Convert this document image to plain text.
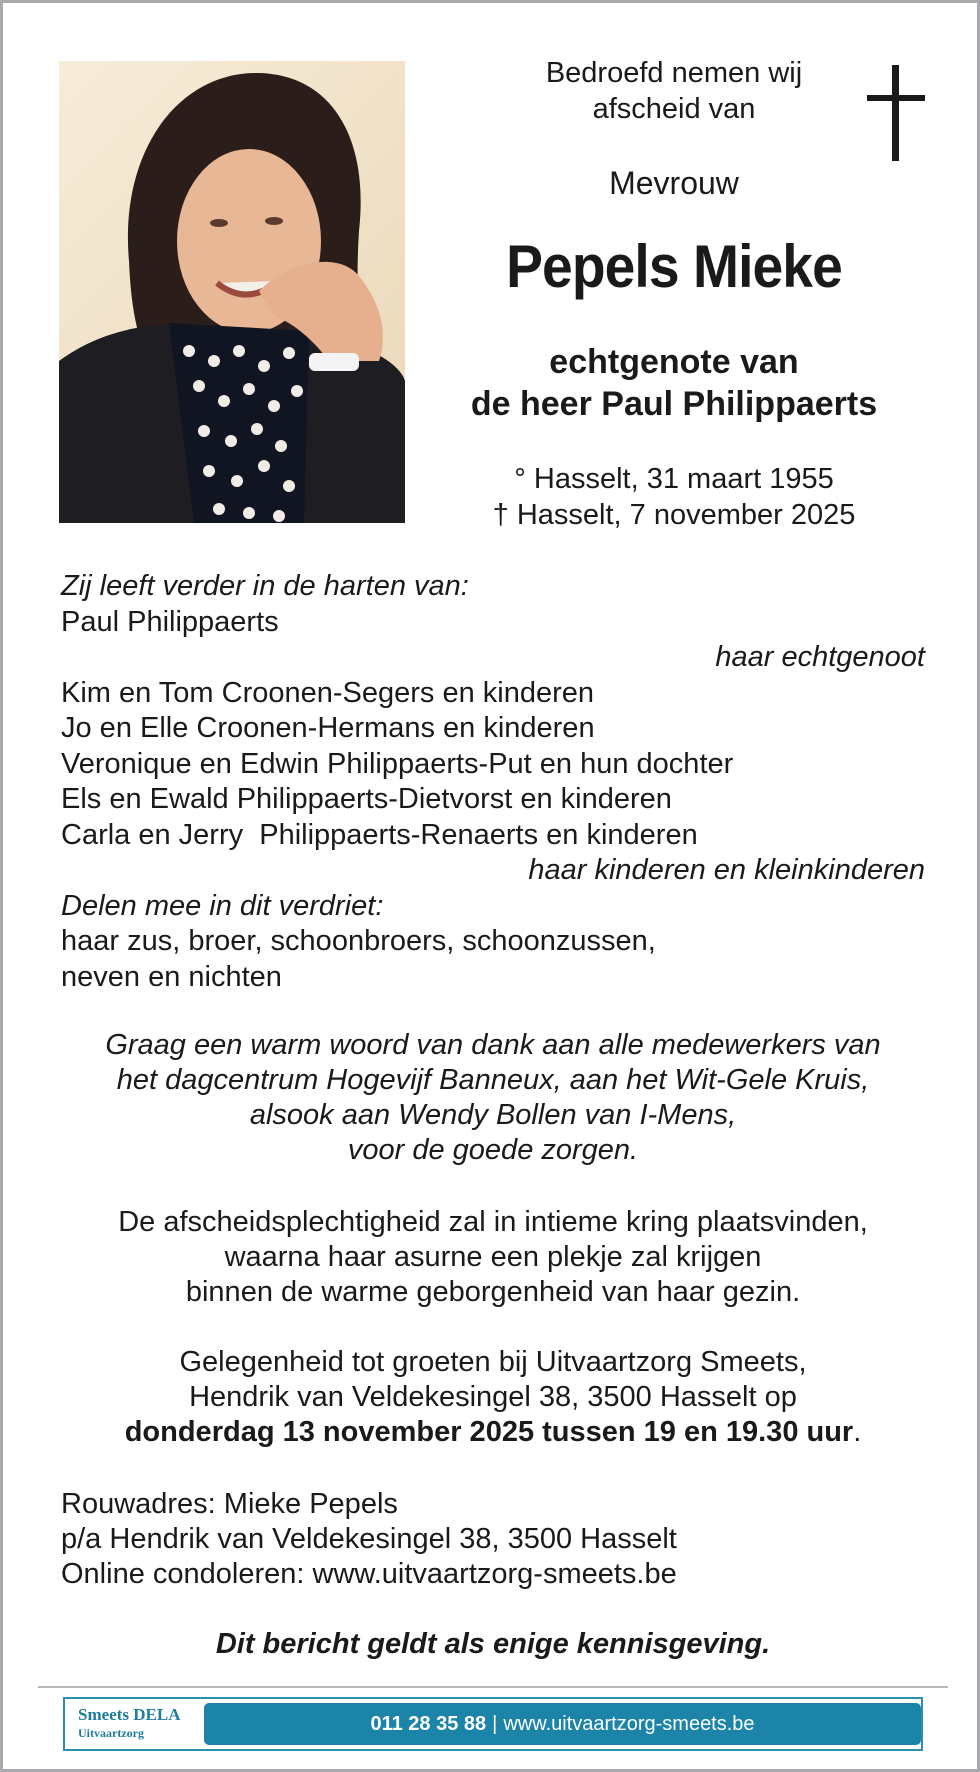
Bedroefd nemen wij
afscheid van
Mevrouw
Pepels Mieke
echtgenote van
de heer Paul Philippaerts
° Hasselt, 31 maart 1955
† Hasselt, 7 november 2025
Zij leeft verder in de harten van:
Paul Philippaerts
haar echtgenoot
Kim en Tom Croonen-Segers en kinderen
Jo en Elle Croonen-Hermans en kinderen
Veronique en Edwin Philippaerts-Put en hun dochter
Els en Ewald Philippaerts-Dietvorst en kinderen
Carla en Jerry  Philippaerts-Renaerts en kinderen
haar kinderen en kleinkinderen
Delen mee in dit verdriet:
haar zus, broer, schoonbroers, schoonzussen,
neven en nichten
Graag een warm woord van dank aan alle medewerkers van
het dagcentrum Hogevijf Banneux, aan het Wit-Gele Kruis,
alsook aan Wendy Bollen van I-Mens,
voor de goede zorgen.
De afscheidsplechtigheid zal in intieme kring plaatsvinden,
waarna haar asurne een plekje zal krijgen
binnen de warme geborgenheid van haar gezin.
Gelegenheid tot groeten bij Uitvaartzorg Smeets,
Hendrik van Veldekesingel 38, 3500 Hasselt op
donderdag 13 november 2025 tussen 19 en 19.30 uur.
Rouwadres: Mieke Pepels
p/a Hendrik van Veldekesingel 38, 3500 Hasselt
Online condoleren: www.uitvaartzorg-smeets.be
Dit bericht geldt als enige kennisgeving.
Smeets DELA
Uitvaartzorg	011 28 35 88 | www.uitvaartzorg-smeets.be
